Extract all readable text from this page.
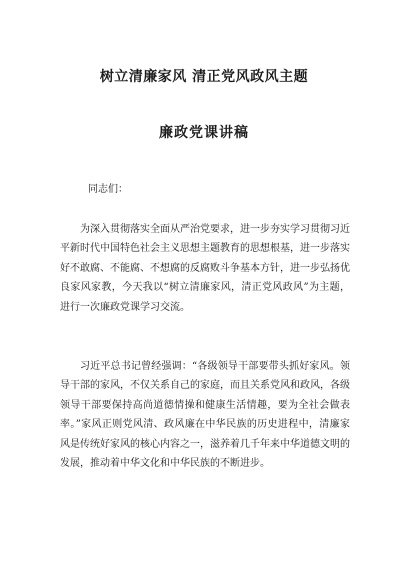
树立清廉家风 清正党风政风主题
廉政党课讲稿
同志们：

为深入贯彻落实全面从严治党要求，进一步夯实学习贯彻习近平新时代中国特色社会主义思想主题教育的思想根基，进一步落实好不敢腐、不能腐、不想腐的反腐败斗争基本方针，进一步弘扬优良家风家教，今天我以“树立清廉家风，清正党风政风”为主题，进行一次廉政党课学习交流。

习近平总书记曾经强调：“各级领导干部要带头抓好家风。领导干部的家风，不仅关系自己的家庭，而且关系党风和政风，各级领导干部要保持高尚道德情操和健康生活情趣，要为全社会做表率。”家风正则党风清、政风廉在中华民族的历史进程中，清廉家风是传统好家风的核心内容之一，滋养着几千年来中华道德文明的发展，推动着中华文化和中华民族的不断进步。
